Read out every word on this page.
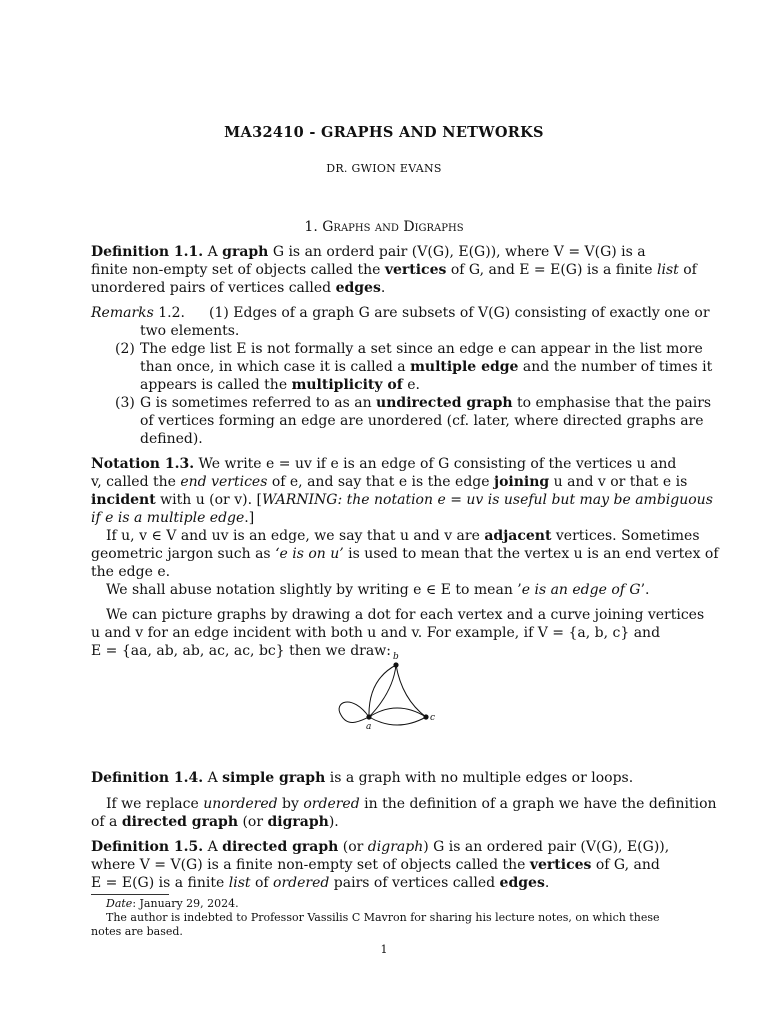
MA32410 - GRAPHS AND NETWORKS
DR. GWION EVANS
1. Graphs and Digraphs
Definition 1.1. A graph G is an orderd pair (V(G), E(G)), where V = V(G) is a
finite non-empty set of objects called the vertices of G, and E = E(G) is a finite list of
unordered pairs of vertices called edges.
Remarks 1.2. (1) Edges of a graph G are subsets of V(G) consisting of exactly one or
two elements.
(2) The edge list E is not formally a set since an edge e can appear in the list more
than once, in which case it is called a multiple edge and the number of times it
appears is called the multiplicity of e.
(3) G is sometimes referred to as an undirected graph to emphasise that the pairs
of vertices forming an edge are unordered (cf. later, where directed graphs are
defined).
Notation 1.3. We write e = uv if e is an edge of G consisting of the vertices u and
v, called the end vertices of e, and say that e is the edge joining u and v or that e is
incident with u (or v). [WARNING: the notation e = uv is useful but may be ambiguous
if e is a multiple edge.]
If u, v ∈ V and uv is an edge, we say that u and v are adjacent vertices. Sometimes
geometric jargon such as ‘e is on u’ is used to mean that the vertex u is an end vertex of
the edge e.
We shall abuse notation slightly by writing e ∈ E to mean ’e is an edge of G’.
We can picture graphs by drawing a dot for each vertex and a curve joining vertices
u and v for an edge incident with both u and v. For example, if V = {a, b, c} and
E = {aa, ab, ab, ac, ac, bc} then we draw: b
a
c
Definition 1.4. A simple graph is a graph with no multiple edges or loops.
If we replace unordered by ordered in the definition of a graph we have the definition
of a directed graph (or digraph).
Definition 1.5. A directed graph (or digraph) G is an ordered pair (V(G), E(G)),
where V = V(G) is a finite non-empty set of objects called the vertices of G, and
E = E(G) is a finite list of ordered pairs of vertices called edges.
Date: January 29, 2024.
The author is indebted to Professor Vassilis C Mavron for sharing his lecture notes, on which these
notes are based.
1
